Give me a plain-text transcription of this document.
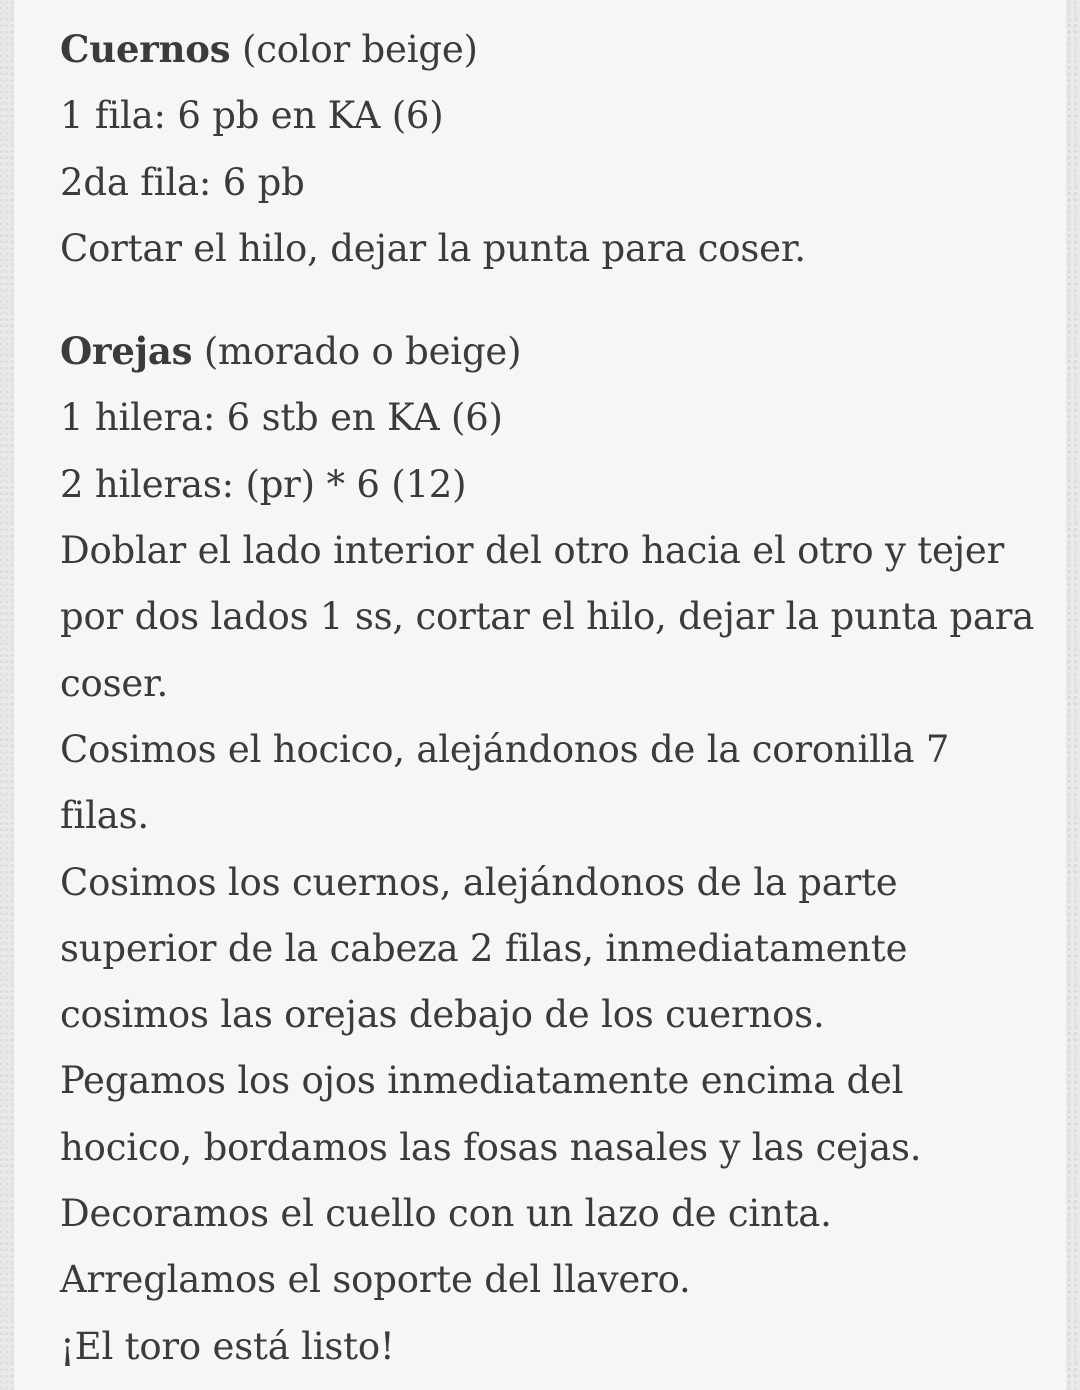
Cuernos (color beige)

1 fila: 6 pb en KA (6)

2da fila: 6 pb

Cortar el hilo, dejar la punta para coser.

Orejas (morado o beige)

1 hilera: 6 stb en KA (6)

2 hileras: (pr) * 6 (12)

Doblar el lado interior del otro hacia el otro y tejer por dos lados 1 ss, cortar el hilo, dejar la punta para coser.

Cosimos el hocico, alejándonos de la coronilla 7 filas.

Cosimos los cuernos, alejándonos de la parte superior de la cabeza 2 filas, inmediatamente cosimos las orejas debajo de los cuernos.

Pegamos los ojos inmediatamente encima del hocico, bordamos las fosas nasales y las cejas.

Decoramos el cuello con un lazo de cinta.

Arreglamos el soporte del llavero.

¡El toro está listo!
